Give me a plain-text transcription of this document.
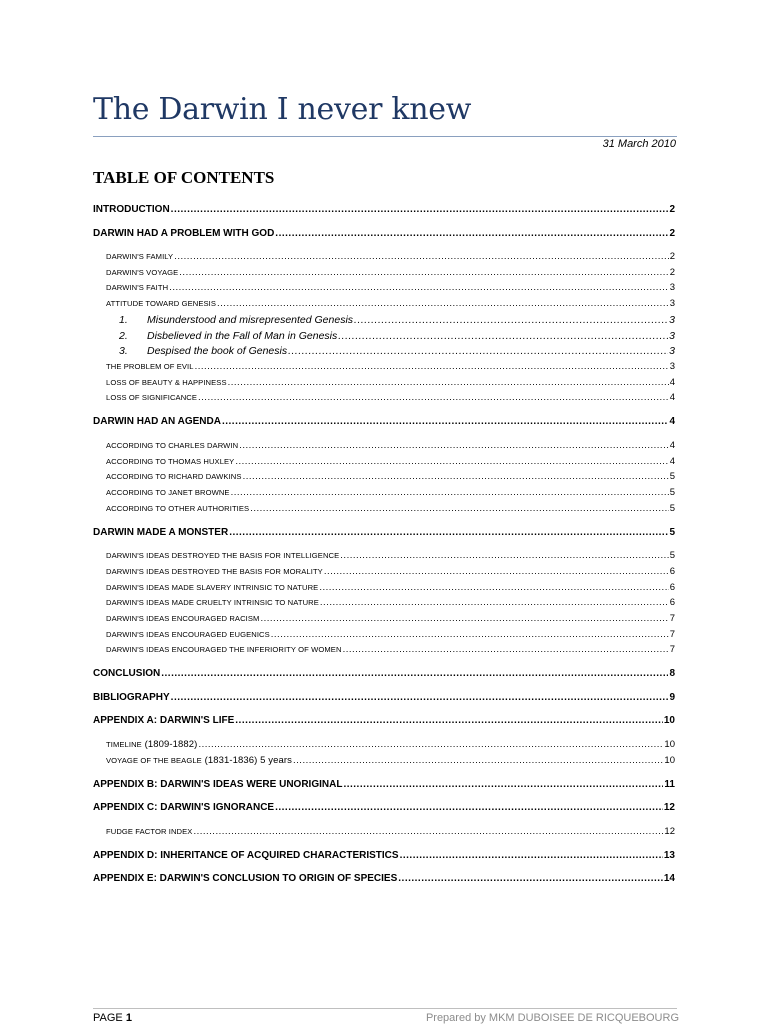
The Darwin I never knew
31 March 2010
TABLE OF CONTENTS
INTRODUCTION .....	2
DARWIN HAD A PROBLEM WITH GOD .....	2
DARWIN'S FAMILY .....	2
DARWIN'S VOYAGE .....	2
DARWIN'S FAITH .....	3
ATTITUDE TOWARD GENESIS .....	3
1.	Misunderstood and misrepresented Genesis .....	3
2.	Disbelieved in the Fall of Man in Genesis .....	3
3.	Despised the book of Genesis .....	3
THE PROBLEM OF EVIL .....	3
LOSS OF BEAUTY & HAPPINESS .....	4
LOSS OF SIGNIFICANCE .....	4
DARWIN HAD AN AGENDA .....	4
ACCORDING TO CHARLES DARWIN .....	4
ACCORDING TO THOMAS HUXLEY .....	4
ACCORDING TO RICHARD DAWKINS .....	5
ACCORDING TO JANET BROWNE .....	5
ACCORDING TO OTHER AUTHORITIES .....	5
DARWIN MADE A MONSTER .....	5
DARWIN'S IDEAS DESTROYED THE BASIS FOR INTELLIGENCE .....	5
DARWIN'S IDEAS DESTROYED THE BASIS FOR MORALITY .....	6
DARWIN'S IDEAS MADE SLAVERY INTRINSIC TO NATURE .....	6
DARWIN'S IDEAS MADE CRUELTY INTRINSIC TO NATURE .....	6
DARWIN'S IDEAS ENCOURAGED RACISM .....	7
DARWIN'S IDEAS ENCOURAGED EUGENICS .....	7
DARWIN'S IDEAS ENCOURAGED THE INFERIORITY OF WOMEN .....	7
CONCLUSION .....	8
BIBLIOGRAPHY .....	9
APPENDIX A: DARWIN'S LIFE .....	10
TIMELINE (1809-1882) .....	10
VOYAGE OF THE BEAGLE (1831-1836) 5 years .....	10
APPENDIX B: DARWIN'S IDEAS WERE UNORIGINAL .....	11
APPENDIX C: DARWIN'S IGNORANCE .....	12
FUDGE FACTOR INDEX .....	12
APPENDIX D: INHERITANCE OF ACQUIRED CHARACTERISTICS .....	13
APPENDIX E: DARWIN'S CONCLUSION TO ORIGIN OF SPECIES .....	14
PAGE 1	Prepared by MKM DUBOISEE DE RICQUEBOURG
